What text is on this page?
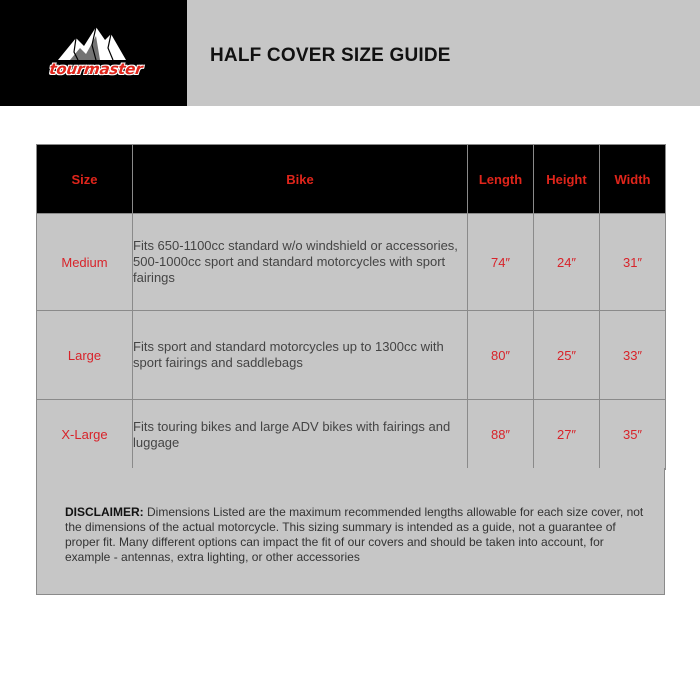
tourmaster
HALF COVER SIZE GUIDE
Size	Bike	Length	Height	Width
Medium	Fits 650-1100cc standard w/o windshield or accessories, 500-1000cc sport and standard motorcycles with sport fairings	74″	24″	31″
Large	Fits sport and standard motorcycles up to 1300cc with sport fairings and saddlebags	80″	25″	33″
X-Large	Fits touring bikes and large ADV bikes with fairings and luggage	88″	27″	35″
DISCLAIMER: Dimensions Listed are the maximum recommended lengths allowable for each size cover, not the dimensions of the actual motorcycle. This sizing summary is intended as a guide, not a guarantee of proper fit. Many different options can impact the fit of our covers and should be taken into account, for example - antennas, extra lighting, or other accessories
